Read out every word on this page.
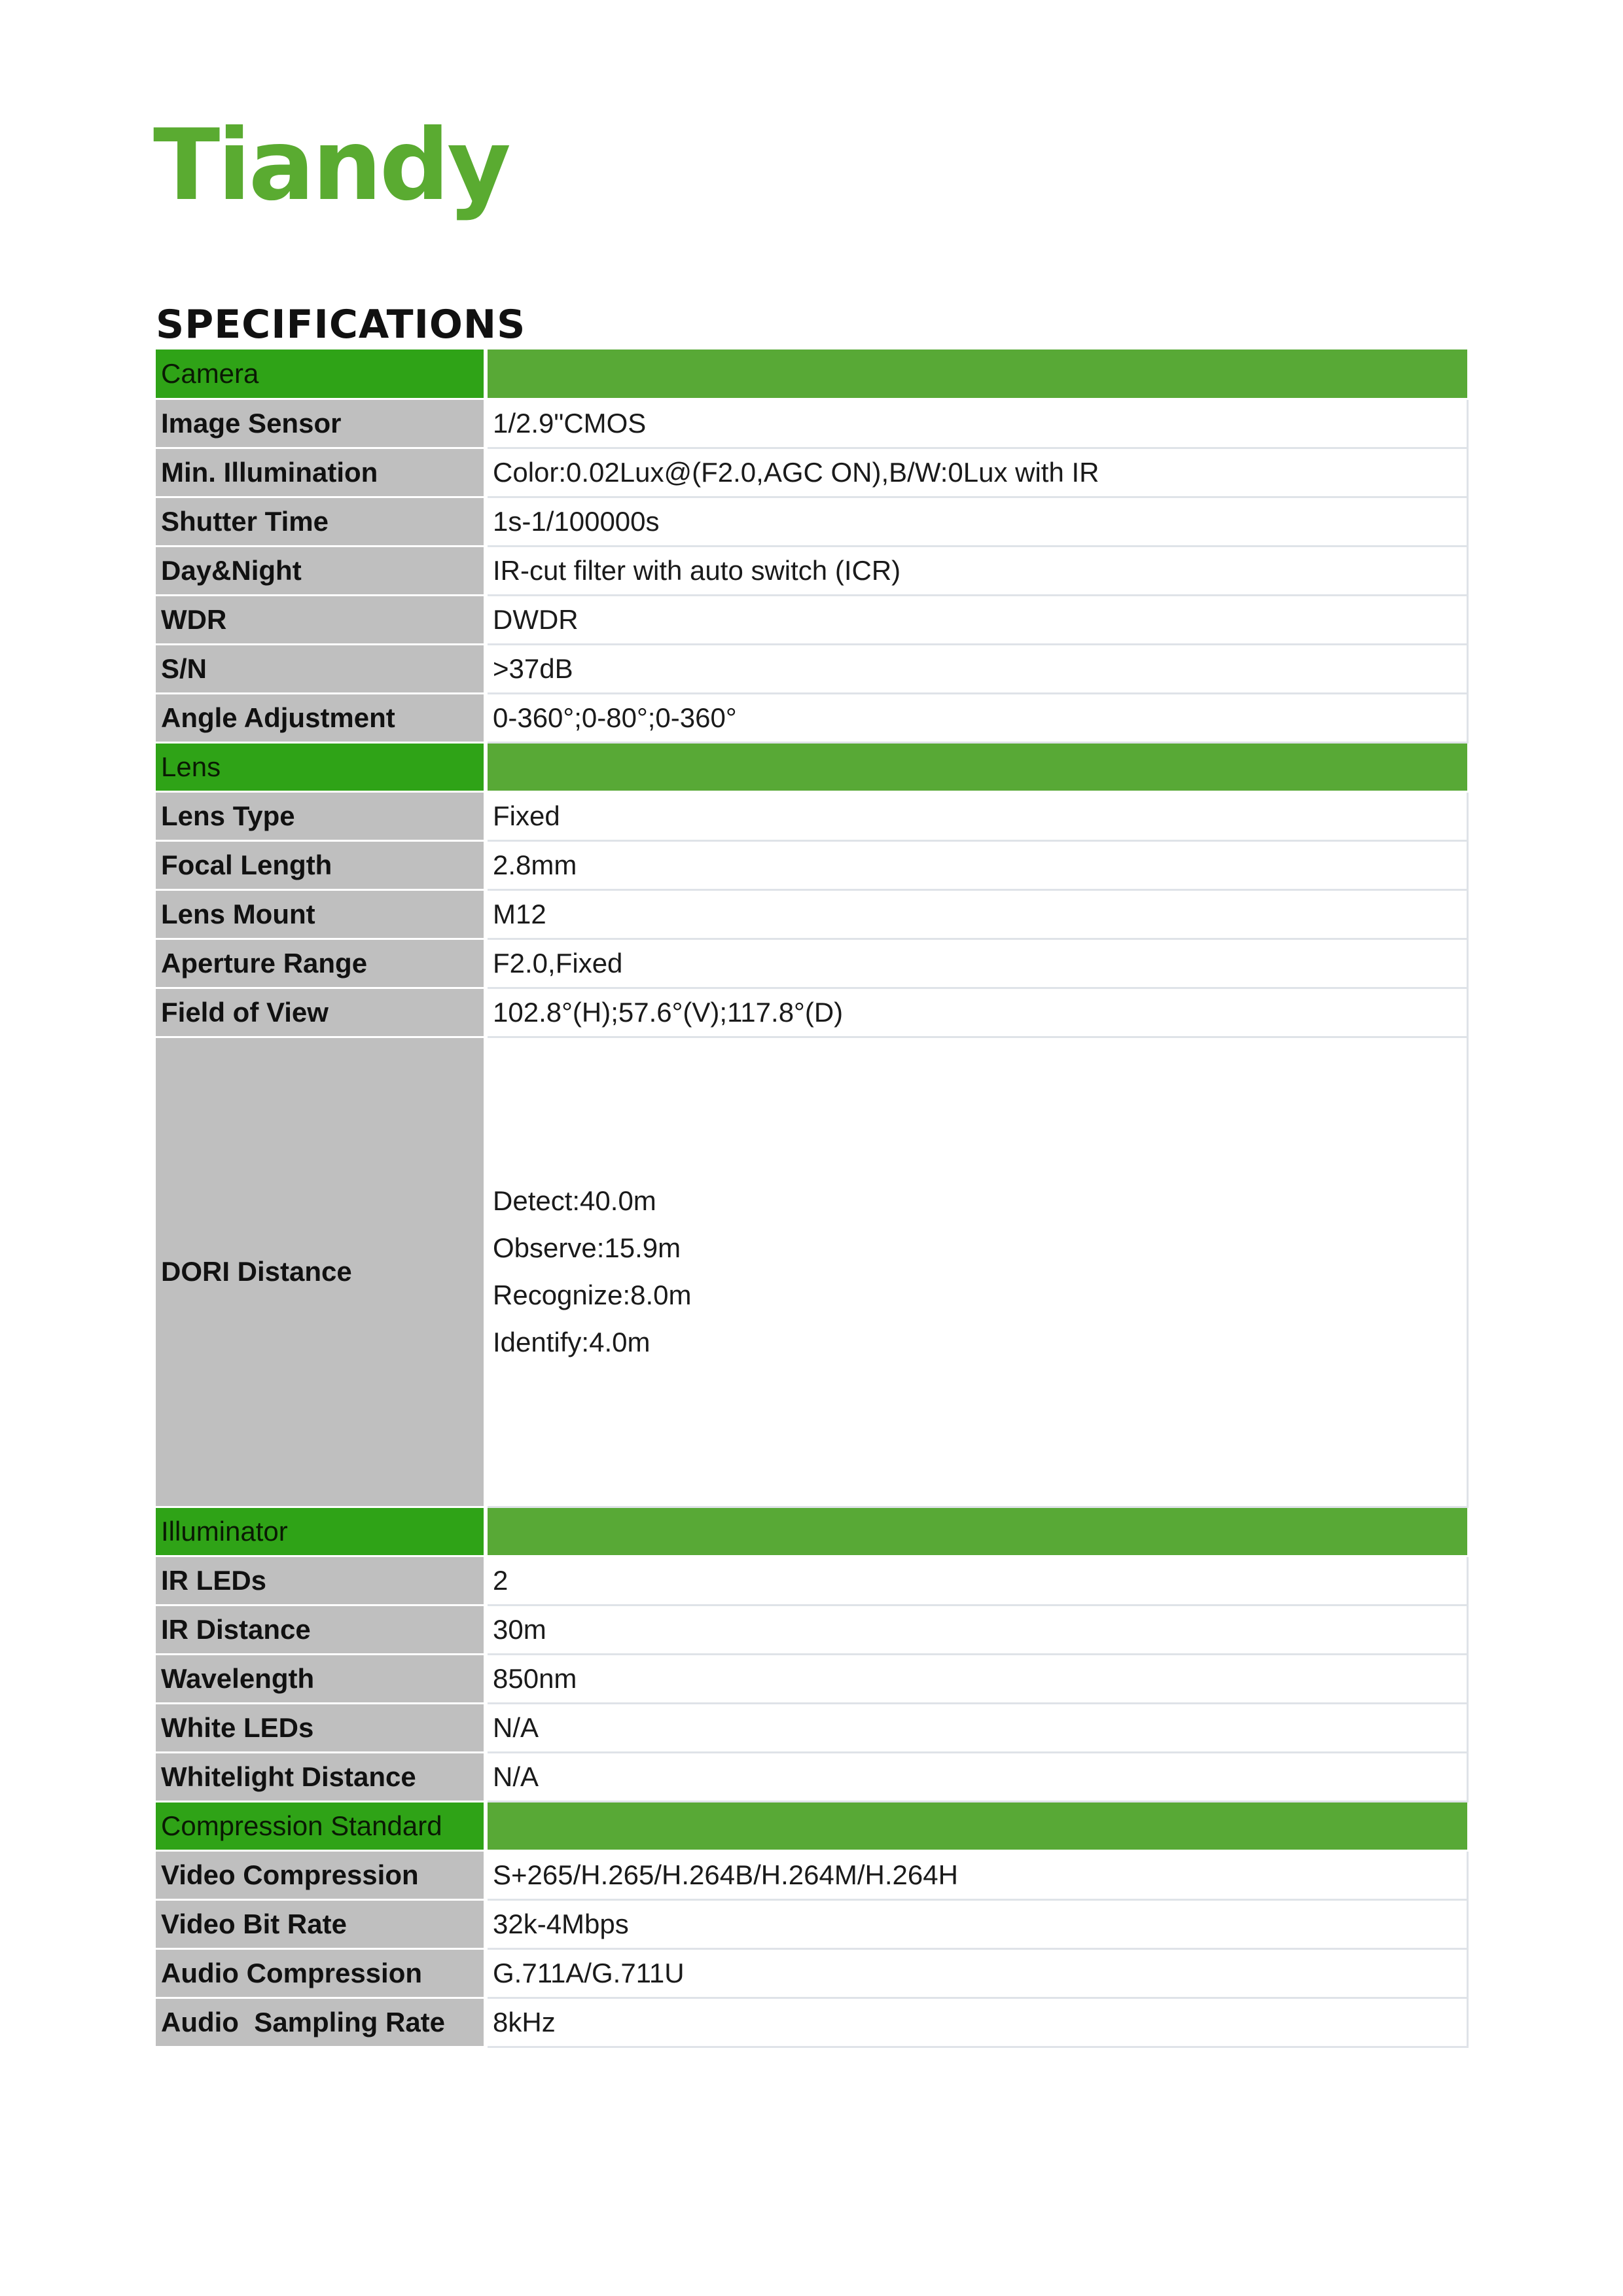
Tiandy
SPECIFICATIONS
Camera	
Image Sensor	1/2.9"CMOS
Min. Illumination	Color:0.02Lux@(F2.0,AGC ON),B/W:0Lux with IR
Shutter Time	1s-1/100000s
Day&Night	IR-cut filter with auto switch (ICR)
WDR	DWDR
S/N	>37dB
Angle Adjustment	0-360°;0-80°;0-360°
Lens	
Lens Type	Fixed
Focal Length	2.8mm
Lens Mount	M12
Aperture Range	F2.0,Fixed
Field of View	102.8°(H);57.6°(V);117.8°(D)
DORI Distance	Detect:40.0m
Observe:15.9m
Recognize:8.0m
Identify:4.0m

Illuminator	
IR LEDs	2
IR Distance	30m
Wavelength	850nm
White LEDs	N/A
Whitelight Distance	N/A
Compression Standard	
Video Compression	S+265/H.265/H.264B/H.264M/H.264H
Video Bit Rate	32k-4Mbps
Audio Compression	G.711A/G.711U
Audio  Sampling Rate	8kHz
